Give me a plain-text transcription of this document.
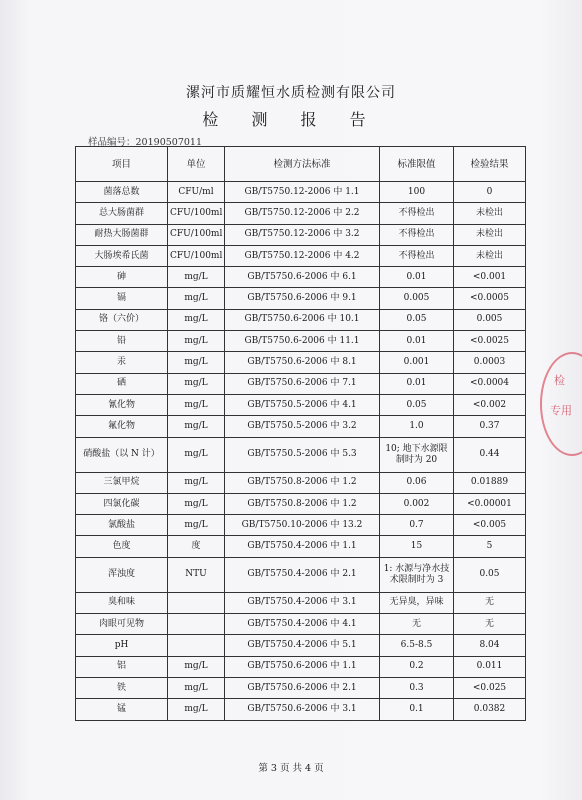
漯河市质耀恒水质检测有限公司
检 测 报 告
样品编号：20190507011
项目	单位	检测方法标准	标准限值	检验结果
菌落总数	CFU/ml	GB/T5750.12-2006 中 1.1	100	0
总大肠菌群	CFU/100ml	GB/T5750.12-2006 中 2.2	不得检出	未检出
耐热大肠菌群	CFU/100ml	GB/T5750.12-2006 中 3.2	不得检出	未检出
大肠埃希氏菌	CFU/100ml	GB/T5750.12-2006 中 4.2	不得检出	未检出
砷	mg/L	GB/T5750.6-2006 中 6.1	0.01	<0.001
镉	mg/L	GB/T5750.6-2006 中 9.1	0.005	<0.0005
铬（六价）	mg/L	GB/T5750.6-2006 中 10.1	0.05	0.005
铅	mg/L	GB/T5750.6-2006 中 11.1	0.01	<0.0025
汞	mg/L	GB/T5750.6-2006 中 8.1	0.001	0.0003
硒	mg/L	GB/T5750.6-2006 中 7.1	0.01	<0.0004
氰化物	mg/L	GB/T5750.5-2006 中 4.1	0.05	<0.002
氟化物	mg/L	GB/T5750.5-2006 中 3.2	1.0	0.37
硝酸盐（以 N 计）	mg/L	GB/T5750.5-2006 中 5.3	10; 地下水源限制时为 20	0.44
三氯甲烷	mg/L	GB/T5750.8-2006 中 1.2	0.06	0.01889
四氯化碳	mg/L	GB/T5750.8-2006 中 1.2	0.002	<0.00001
氯酸盐	mg/L	GB/T5750.10-2006 中 13.2	0.7	<0.005
色度	度	GB/T5750.4-2006 中 1.1	15	5
浑浊度	NTU	GB/T5750.4-2006 中 2.1	1: 水源与净水技术限制时为 3	0.05
臭和味		GB/T5750.4-2006 中 3.1	无异臭，异味	无
肉眼可见物		GB/T5750.4-2006 中 4.1	无	无
pH		GB/T5750.4-2006 中 5.1	6.5-8.5	8.04
铝	mg/L	GB/T5750.6-2006 中 1.1	0.2	0.011
铁	mg/L	GB/T5750.6-2006 中 2.1	0.3	<0.025
锰	mg/L	GB/T5750.6-2006 中 3.1	0.1	0.0382
第 3 页 共 4 页
检
专用
